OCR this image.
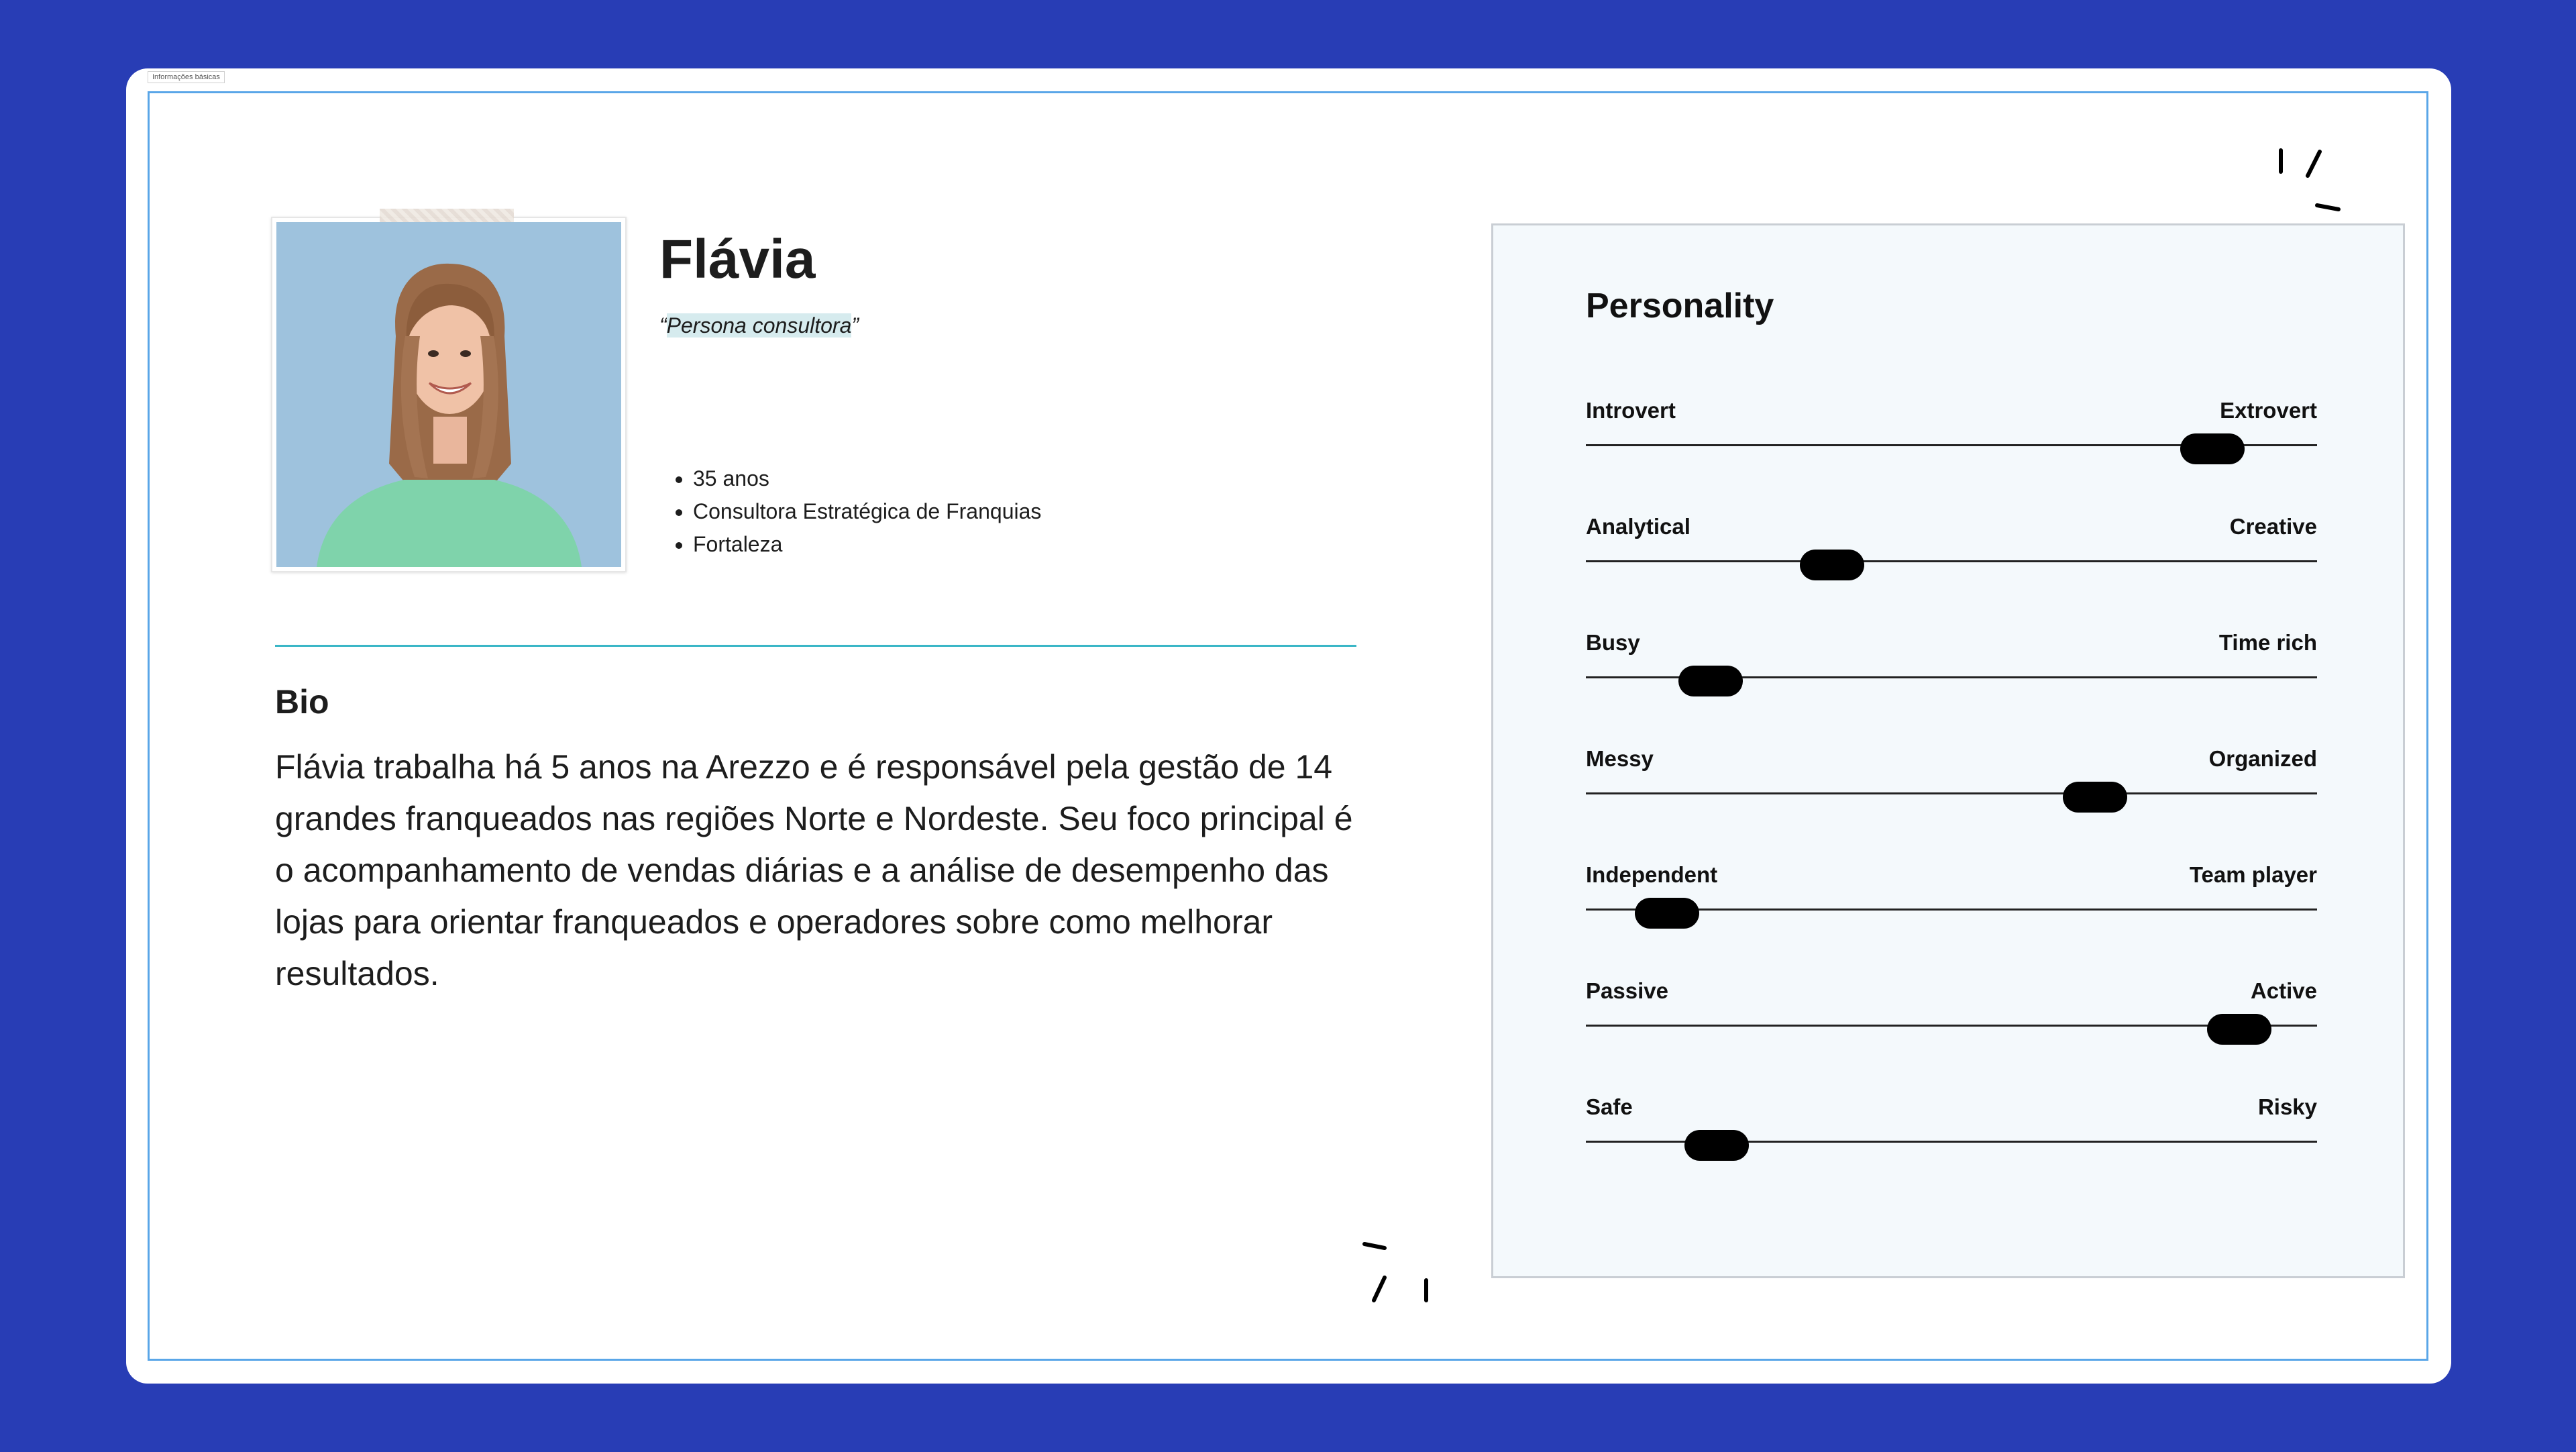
Informações básicas
Flávia
“Persona consultora”
• 35 anos
• Consultora Estratégica de Franquias
• Fortaleza
Bio

Flávia trabalha há 5 anos na Arezzo e é responsável pela gestão de 14 grandes franqueados nas regiões Norte e Nordeste. Seu foco principal é o acompanhamento de vendas diárias e a análise de desempenho das lojas para orientar franqueados e operadores sobre como melhorar resultados.

Personality
Introvert	Extrovert
Analytical	Creative
Busy	Time rich
Messy	Organized
Independent	Team player
Passive	Active
Safe	Risky
